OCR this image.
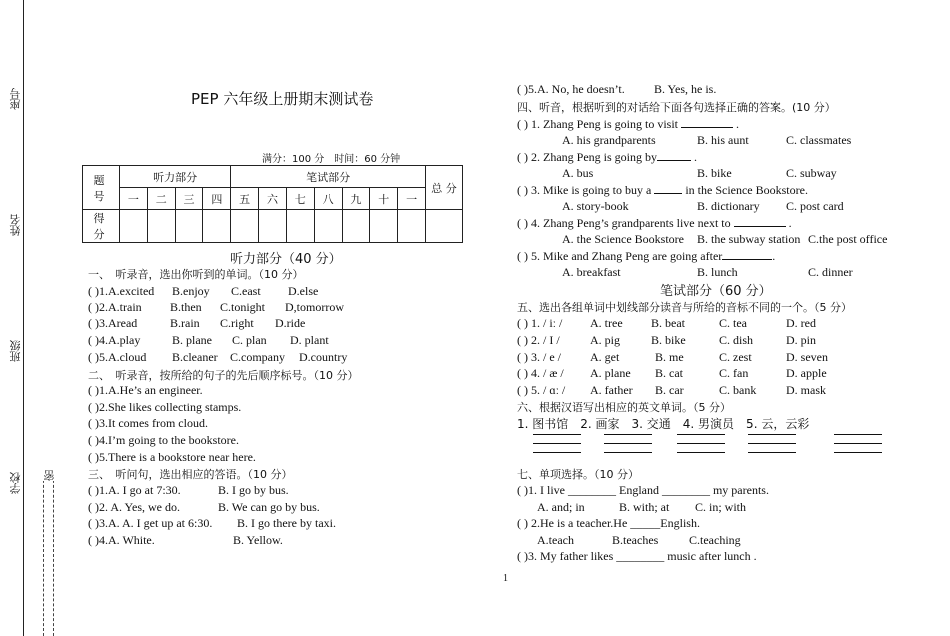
座号
姓名
班级
学校 密
PEP 六年级上册期末测试卷
满分：100 分　时间：60 分钟
题 号	听力部分				笔试部分							总 分
	一	二	三	四	五	六	七	八	九	十	一	
得 分												
听力部分（40 分）
一、　听录音，选出你听到的单词。（10 分）
( )1.A.excited B.enjoy C.east D.else
( )2.A.train B.then C.tonight D,tomorrow
( )3.Aread	B.rain C.right D.ride
( )4.A.play	B. plane C. plan D. plant
( )5.A.cloud B.cleaner C.company D.country
二、　听录音，按所给的句子的先后顺序标号。（10 分）
( )1.A.He’s an engineer.
( )2.She likes collecting stamps.
( )3.It comes from cloud.
( )4.I’m going to the bookstore.
( )5.There is a bookstore near here.
三、　听问句，选出相应的答语。（10 分）
( )1.A. I go at 7:30.	B. I go by bus.
( )2. A. Yes, we do.	B. We can go by bus.
( )3.A. A. I get up at 6:30. B. I go there by taxi.
( )4.A. White.	B. Yellow.
( )5.A. No, he doesn’t. B. Yes, he is.
四、听音，根据听到的对话给下面各句选择正确的答案。(10 分）
( ) 1. Zhang Peng is going to visit	.
A. his grandparents	B. his aunt	C. classmates
( ) 2. Zhang Peng is going by	.
A. bus	B. bike	C. subway
( ) 3. Mike is going to buy a	in the Science Bookstore.
A. story-book	B. dictionary C. post card
( ) 4. Zhang Peng’s grandparents live next to	.
A. the Science Bookstore B. the subway station C.the post office
( ) 5. Mike and Zhang Peng are going after	.
A. breakfast	B. lunch	C. dinner
笔试部分（60 分）
五、选出各组单词中划线部分读音与所给的音标不同的一个。（5 分）
( ) 1. / iː / A. tree B. beat	C. tea	D. red
( ) 2. / I /	A. pig	B. bike	C. dish	D. pin
( ) 3. / e / A. get	B. me	C. zest	D. seven
( ) 4. / æ / A. plane B. cat	C. fan	D. apple
( ) 5. / ɑː / A. father B. car	C. bank D. mask
六、根据汉语写出相应的英文单词。（5 分）
1. 图书馆　2. 画家　3. 交通　4. 男演员　5. 云，云彩
七、单项选择。（10 分）
( )1. I live ________ England ________ my parents.
A. and; in	B. with; at C. in; with
( ) 2.He is a teacher.He _____English.
A.teach	B.teaches	C.teaching
( )3. My father likes ________ music after lunch .
1
